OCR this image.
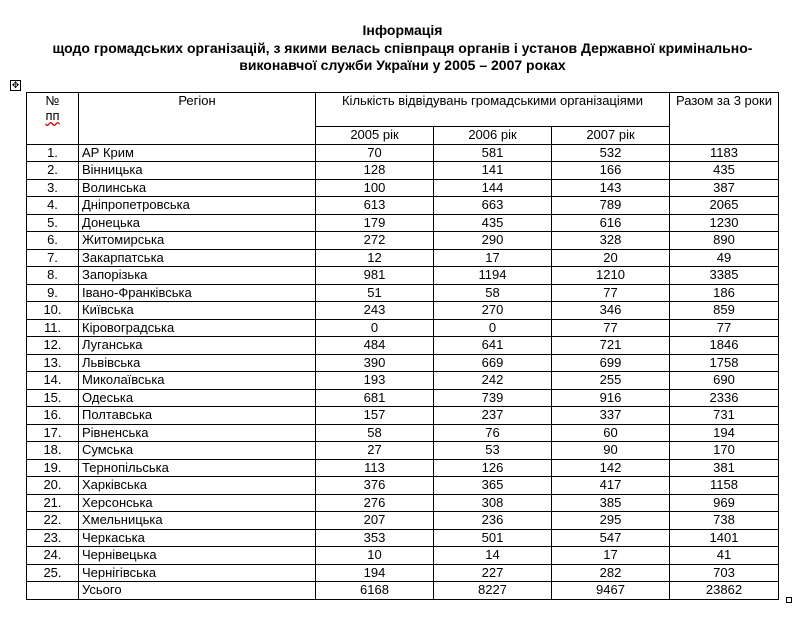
Інформація
щодо громадських організацій, з якими велась співпраця органів і установ Державної кримінально-
виконавчої служби України у 2005 – 2007 роках
✥
№
пп	Регіон	Кількість відвідувань громадськими організаціями			Разом за 3 роки
		2005 рік	2006 рік	2007 рік	
1.	АР Крим	70	581	532	1183
2.	Вінницька	128	141	166	435
3.	Волинська	100	144	143	387
4.	Дніпропетровська	613	663	789	2065
5.	Донецька	179	435	616	1230
6.	Житомирська	272	290	328	890
7.	Закарпатська	12	17	20	49
8.	Запорізька	981	1194	1210	3385
9.	Івано-Франківська	51	58	77	186
10.	Київська	243	270	346	859
11.	Кіровоградська	0	0	77	77
12.	Луганська	484	641	721	1846
13.	Львівська	390	669	699	1758
14.	Миколаївська	193	242	255	690
15.	Одеська	681	739	916	2336
16.	Полтавська	157	237	337	731
17.	Рівненська	58	76	60	194
18.	Сумська	27	53	90	170
19.	Тернопільська	113	126	142	381
20.	Харківська	376	365	417	1158
21.	Херсонська	276	308	385	969
22.	Хмельницька	207	236	295	738
23.	Черкаська	353	501	547	1401
24.	Чернівецька	10	14	17	41
25.	Чернігівська	194	227	282	703
	Усього	6168	8227	9467	23862
